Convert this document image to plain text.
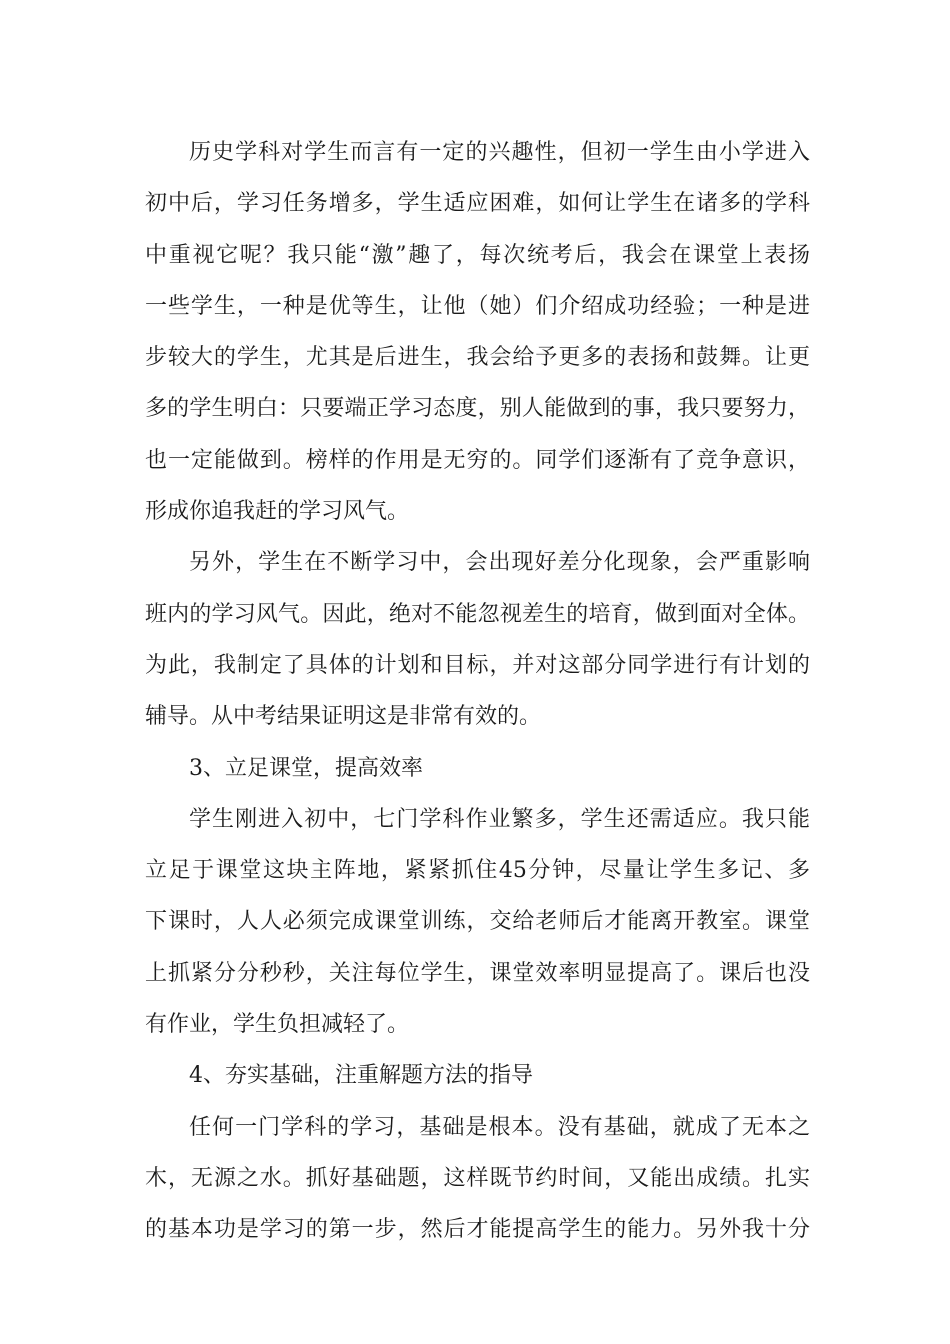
历史学科对学生而言有一定的兴趣性，但初一学生由小学进入
初中后，学习任务增多，学生适应困难，如何让学生在诸多的学科
中重视它呢？我只能“激”趣了，每次统考后，我会在课堂上表扬
一些学生，一种是优等生，让他（她）们介绍成功经验；一种是进
步较大的学生，尤其是后进生，我会给予更多的表扬和鼓舞。让更
多的学生明白：只要端正学习态度，别人能做到的事，我只要努力，
也一定能做到。榜样的作用是无穷的。同学们逐渐有了竞争意识，
形成你追我赶的学习风气。
另外，学生在不断学习中，会出现好差分化现象，会严重影响
班内的学习风气。因此，绝对不能忽视差生的培育，做到面对全体。
为此，我制定了具体的计划和目标，并对这部分同学进行有计划的
辅导。从中考结果证明这是非常有效的。
3、立足课堂，提高效率
学生刚进入初中，七门学科作业繁多，学生还需适应。我只能
立足于课堂这块主阵地，紧紧抓住45分钟，尽量让学生多记、多
下课时，人人必须完成课堂训练，交给老师后才能离开教室。课堂
上抓紧分分秒秒，关注每位学生，课堂效率明显提高了。课后也没
有作业，学生负担减轻了。
4、夯实基础，注重解题方法的指导
任何一门学科的学习，基础是根本。没有基础，就成了无本之
木，无源之水。抓好基础题，这样既节约时间，又能出成绩。扎实
的基本功是学习的第一步，然后才能提高学生的能力。另外我十分
